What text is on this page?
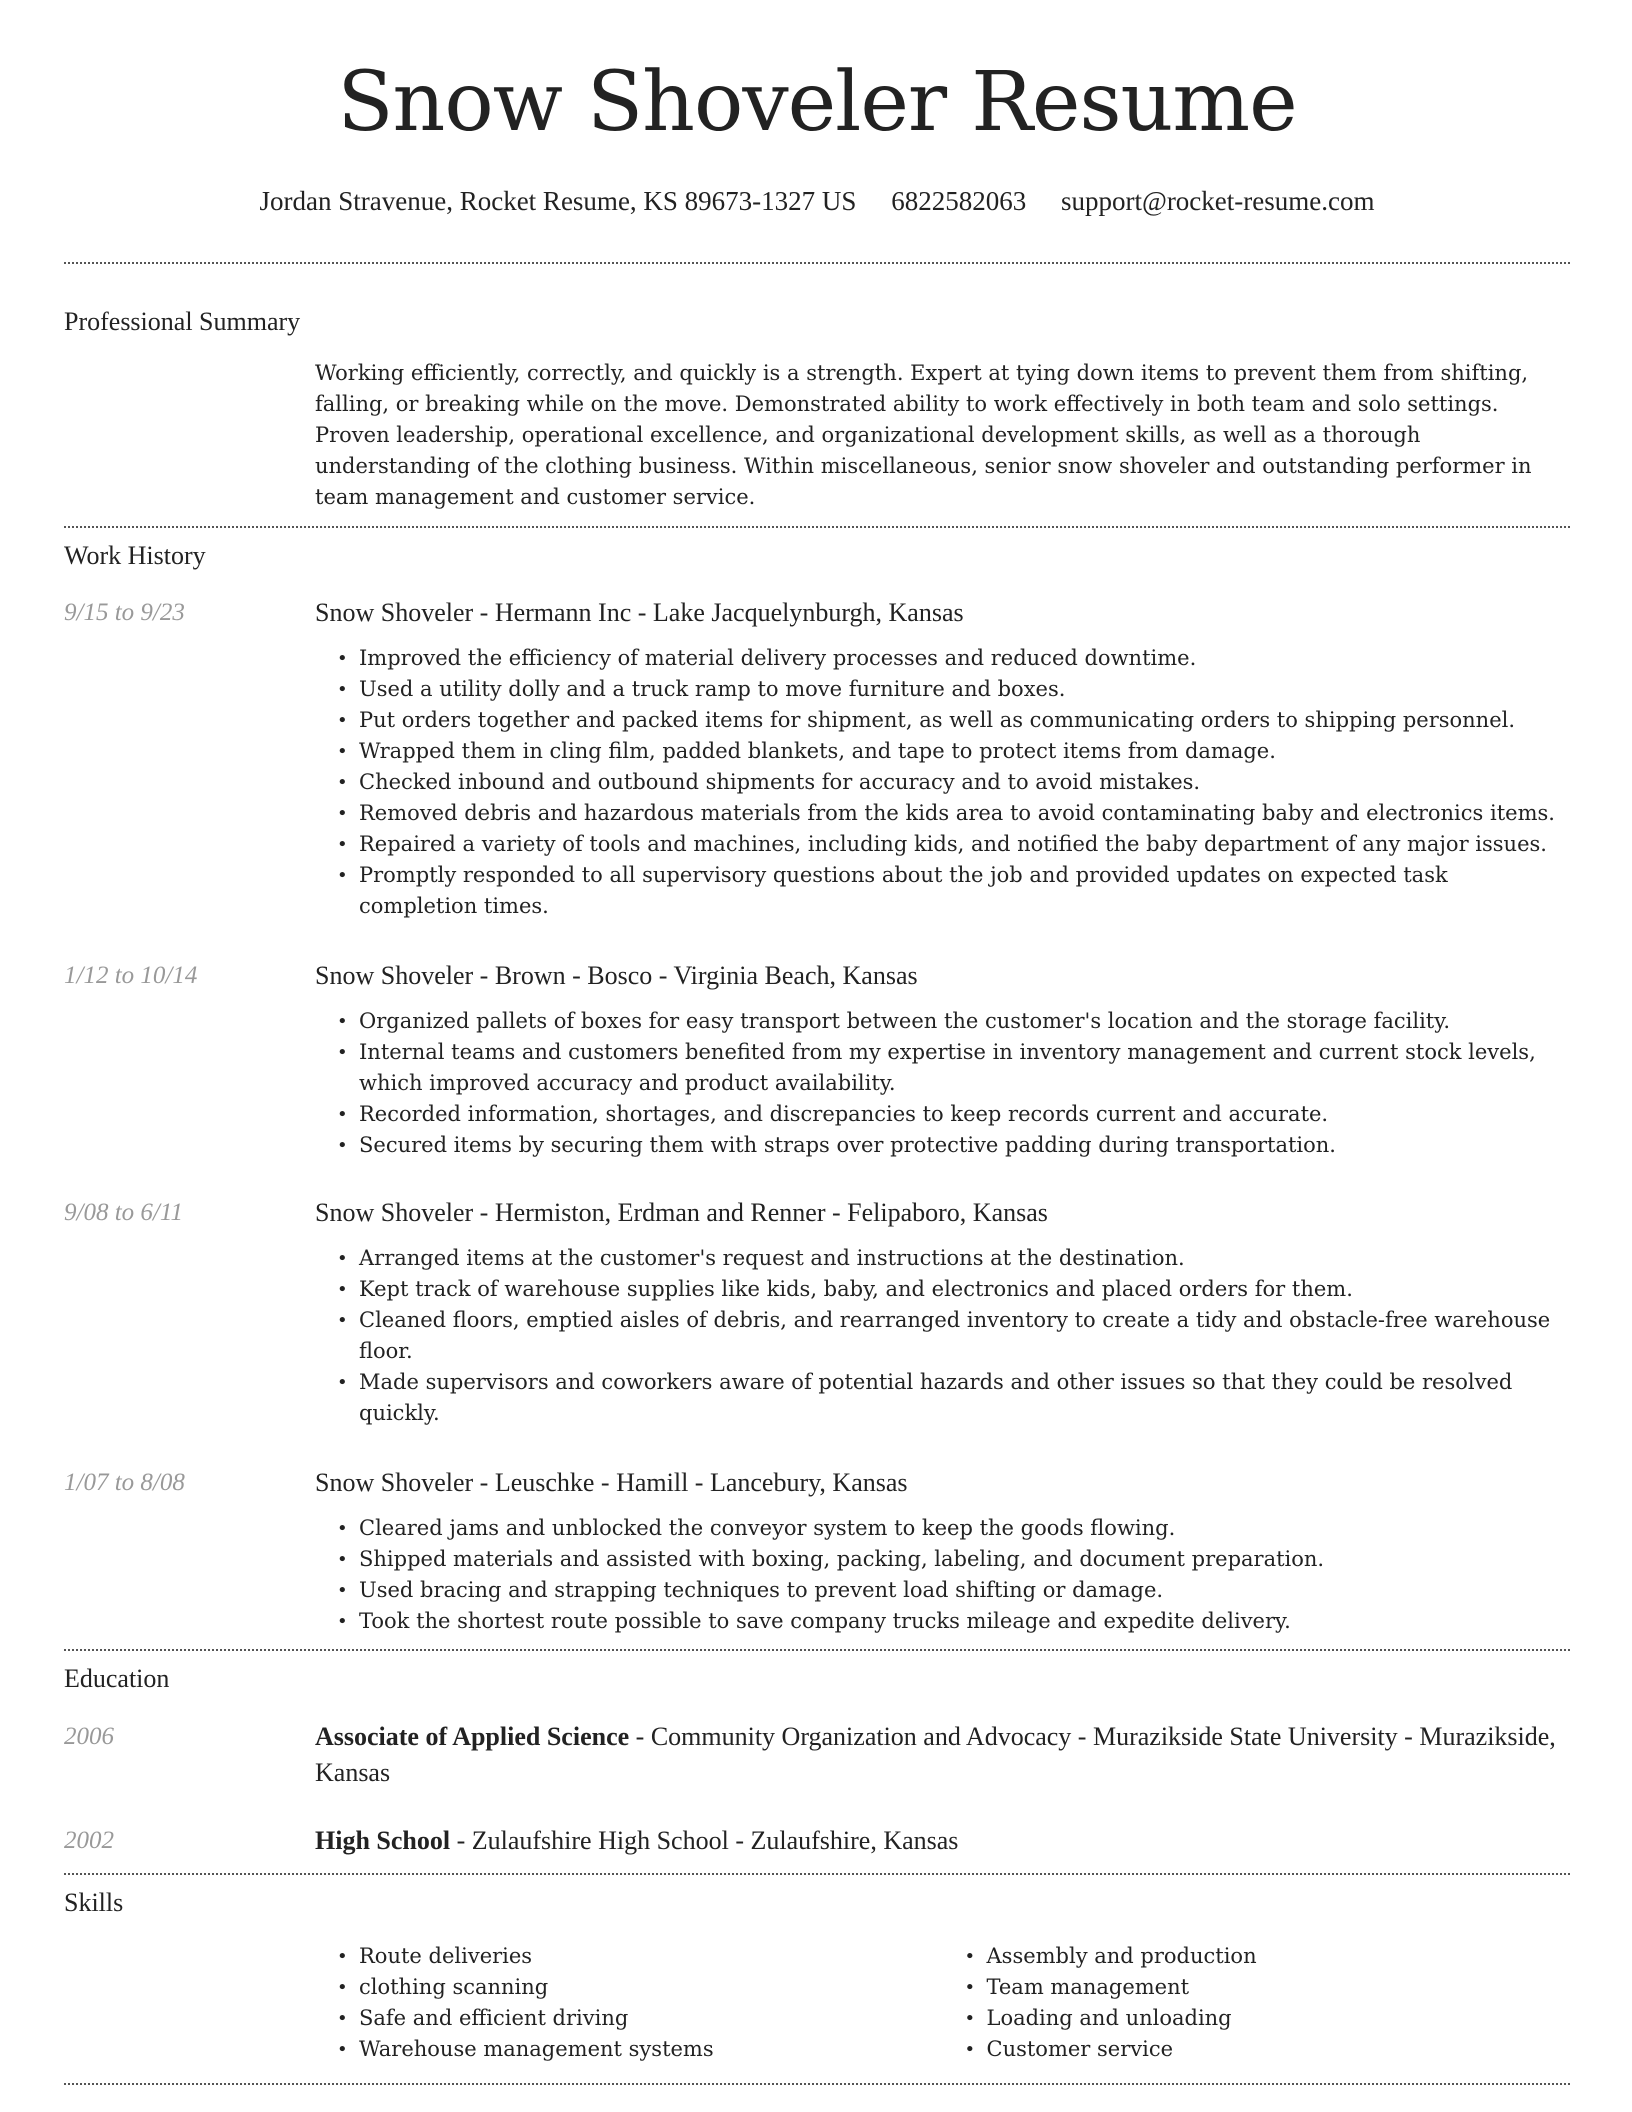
Snow Shoveler Resume
Jordan Stravenue, Rocket Resume, KS 89673-1327 US 6822582063 support@rocket-resume.com
Professional Summary
Working efficiently, correctly, and quickly is a strength. Expert at tying down items to prevent them from shifting, falling, or breaking while on the move. Demonstrated ability to work effectively in both team and solo settings. Proven leadership, operational excellence, and organizational development skills, as well as a thorough understanding of the clothing business. Within miscellaneous, senior snow shoveler and outstanding performer in team management and customer service.
Work History
9/15 to 9/23	Snow Shoveler - Hermann Inc - Lake Jacquelynburgh, Kansas
• Improved the efficiency of material delivery processes and reduced downtime.
• Used a utility dolly and a truck ramp to move furniture and boxes.
• Put orders together and packed items for shipment, as well as communicating orders to shipping personnel.
• Wrapped them in cling film, padded blankets, and tape to protect items from damage.
• Checked inbound and outbound shipments for accuracy and to avoid mistakes.
• Removed debris and hazardous materials from the kids area to avoid contaminating baby and electronics items.
• Repaired a variety of tools and machines, including kids, and notified the baby department of any major issues.
• Promptly responded to all supervisory questions about the job and provided updates on expected task completion times.
1/12 to 10/14	Snow Shoveler - Brown - Bosco - Virginia Beach, Kansas
• Organized pallets of boxes for easy transport between the customer's location and the storage facility.
• Internal teams and customers benefited from my expertise in inventory management and current stock levels, which improved accuracy and product availability.
• Recorded information, shortages, and discrepancies to keep records current and accurate.
• Secured items by securing them with straps over protective padding during transportation.
9/08 to 6/11	Snow Shoveler - Hermiston, Erdman and Renner - Felipaboro, Kansas
• Arranged items at the customer's request and instructions at the destination.
• Kept track of warehouse supplies like kids, baby, and electronics and placed orders for them.
• Cleaned floors, emptied aisles of debris, and rearranged inventory to create a tidy and obstacle-free warehouse floor.
• Made supervisors and coworkers aware of potential hazards and other issues so that they could be resolved quickly.
1/07 to 8/08	Snow Shoveler - Leuschke - Hamill - Lancebury, Kansas
• Cleared jams and unblocked the conveyor system to keep the goods flowing.
• Shipped materials and assisted with boxing, packing, labeling, and document preparation.
• Used bracing and strapping techniques to prevent load shifting or damage.
• Took the shortest route possible to save company trucks mileage and expedite delivery.
Education
2006	Associate of Applied Science - Community Organization and Advocacy - Murazikside State University - Murazikside, Kansas
2002	High School - Zulaufshire High School - Zulaufshire, Kansas
Skills
• Route deliveries
• clothing scanning
• Safe and efficient driving
• Warehouse management systems
• Assembly and production
• Team management
• Loading and unloading
• Customer service
